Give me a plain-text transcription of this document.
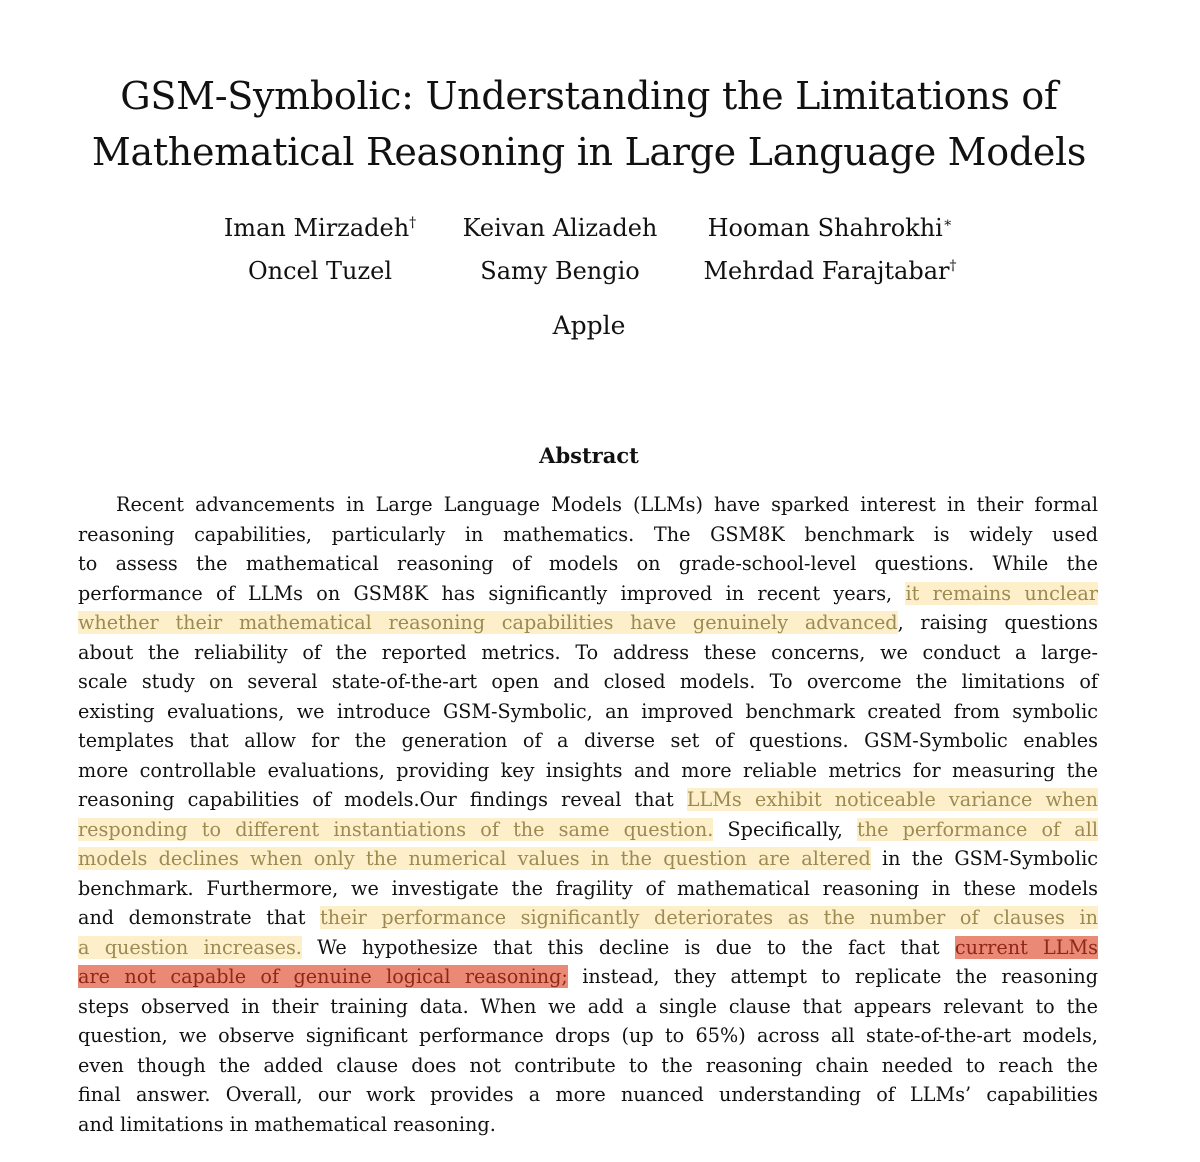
GSM-Symbolic: Understanding the Limitations of
Mathematical Reasoning in Large Language Models
Iman Mirzadeh†	Keivan Alizadeh	Hooman Shahrokhi∗
Oncel Tuzel	Samy Bengio	Mehrdad Farajtabar†
Apple
Abstract
Recent advancements in Large Language Models (LLMs) have sparked interest in their formal
reasoning capabilities, particularly in mathematics. The GSM8K benchmark is widely used
to assess the mathematical reasoning of models on grade-school-level questions. While the
performance of LLMs on GSM8K has significantly improved in recent years, it remains unclear
whether their mathematical reasoning capabilities have genuinely advanced, raising questions
about the reliability of the reported metrics. To address these concerns, we conduct a large-
scale study on several state-of-the-art open and closed models. To overcome the limitations of
existing evaluations, we introduce GSM-Symbolic, an improved benchmark created from symbolic
templates that allow for the generation of a diverse set of questions. GSM-Symbolic enables
more controllable evaluations, providing key insights and more reliable metrics for measuring the
reasoning capabilities of models.Our findings reveal that LLMs exhibit noticeable variance when
responding to different instantiations of the same question. Specifically, the performance of all
models declines when only the numerical values in the question are altered in the GSM-Symbolic
benchmark. Furthermore, we investigate the fragility of mathematical reasoning in these models
and demonstrate that their performance significantly deteriorates as the number of clauses in
a question increases. We hypothesize that this decline is due to the fact that current LLMs
are not capable of genuine logical reasoning; instead, they attempt to replicate the reasoning
steps observed in their training data. When we add a single clause that appears relevant to the
question, we observe significant performance drops (up to 65%) across all state-of-the-art models,
even though the added clause does not contribute to the reasoning chain needed to reach the
final answer. Overall, our work provides a more nuanced understanding of LLMs’ capabilities
and limitations in mathematical reasoning.
